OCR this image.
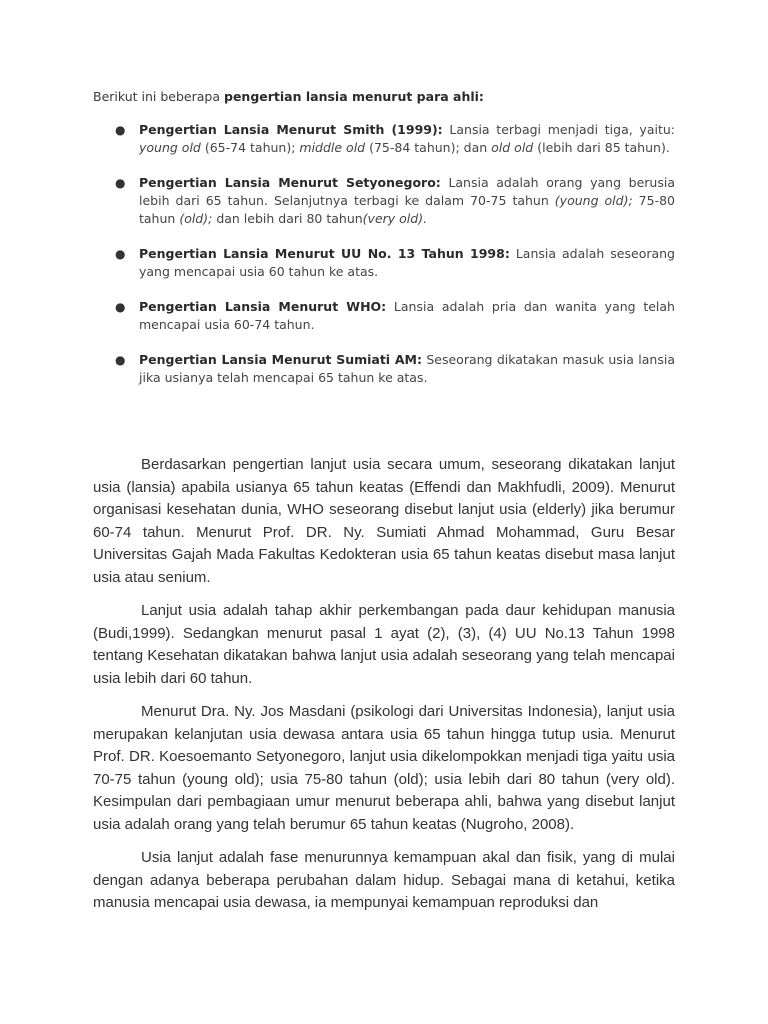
Berikut ini beberapa pengertian lansia menurut para ahli:

● Pengertian Lansia Menurut Smith (1999): Lansia terbagi menjadi tiga, yaitu: young old (65-74 tahun); middle old (75-84 tahun); dan old old (lebih dari 85 tahun).
● Pengertian Lansia Menurut Setyonegoro: Lansia adalah orang yang berusia lebih dari 65 tahun. Selanjutnya terbagi ke dalam 70-75 tahun (young old); 75-80 tahun (old); dan lebih dari 80 tahun(very old).
● Pengertian Lansia Menurut UU No. 13 Tahun 1998: Lansia adalah seseorang yang mencapai usia 60 tahun ke atas.
● Pengertian Lansia Menurut WHO: Lansia adalah pria dan wanita yang telah mencapai usia 60-74 tahun.
● Pengertian Lansia Menurut Sumiati AM: Seseorang dikatakan masuk usia lansia jika usianya telah mencapai 65 tahun ke atas.

Berdasarkan pengertian lanjut usia secara umum, seseorang dikatakan lanjut usia (lansia) apabila usianya 65 tahun keatas (Effendi dan Makhfudli, 2009). Menurut organisasi kesehatan dunia, WHO seseorang disebut lanjut usia (elderly) jika berumur 60-74 tahun. Menurut Prof. DR. Ny. Sumiati Ahmad Mohammad, Guru Besar Universitas Gajah Mada Fakultas Kedokteran usia 65 tahun keatas disebut masa lanjut usia atau senium.

Lanjut usia adalah tahap akhir perkembangan pada daur kehidupan manusia (Budi,1999). Sedangkan menurut pasal 1 ayat (2), (3), (4) UU No.13 Tahun 1998 tentang Kesehatan dikatakan bahwa lanjut usia adalah seseorang yang telah mencapai usia lebih dari 60 tahun.

Menurut Dra. Ny. Jos Masdani (psikologi dari Universitas Indonesia), lanjut usia merupakan kelanjutan usia dewasa antara usia 65 tahun hingga tutup usia. Menurut Prof. DR. Koesoemanto Setyonegoro, lanjut usia dikelompokkan menjadi tiga yaitu usia 70-75 tahun (young old); usia 75-80 tahun (old); usia lebih dari 80 tahun (very old). Kesimpulan dari pembagiaan umur menurut beberapa ahli, bahwa yang disebut lanjut usia adalah orang yang telah berumur 65 tahun keatas (Nugroho, 2008).

Usia lanjut adalah fase menurunnya kemampuan akal dan fisik, yang di mulai dengan adanya beberapa perubahan dalam hidup. Sebagai mana di ketahui, ketika manusia mencapai usia dewasa, ia mempunyai kemampuan reproduksi dan
